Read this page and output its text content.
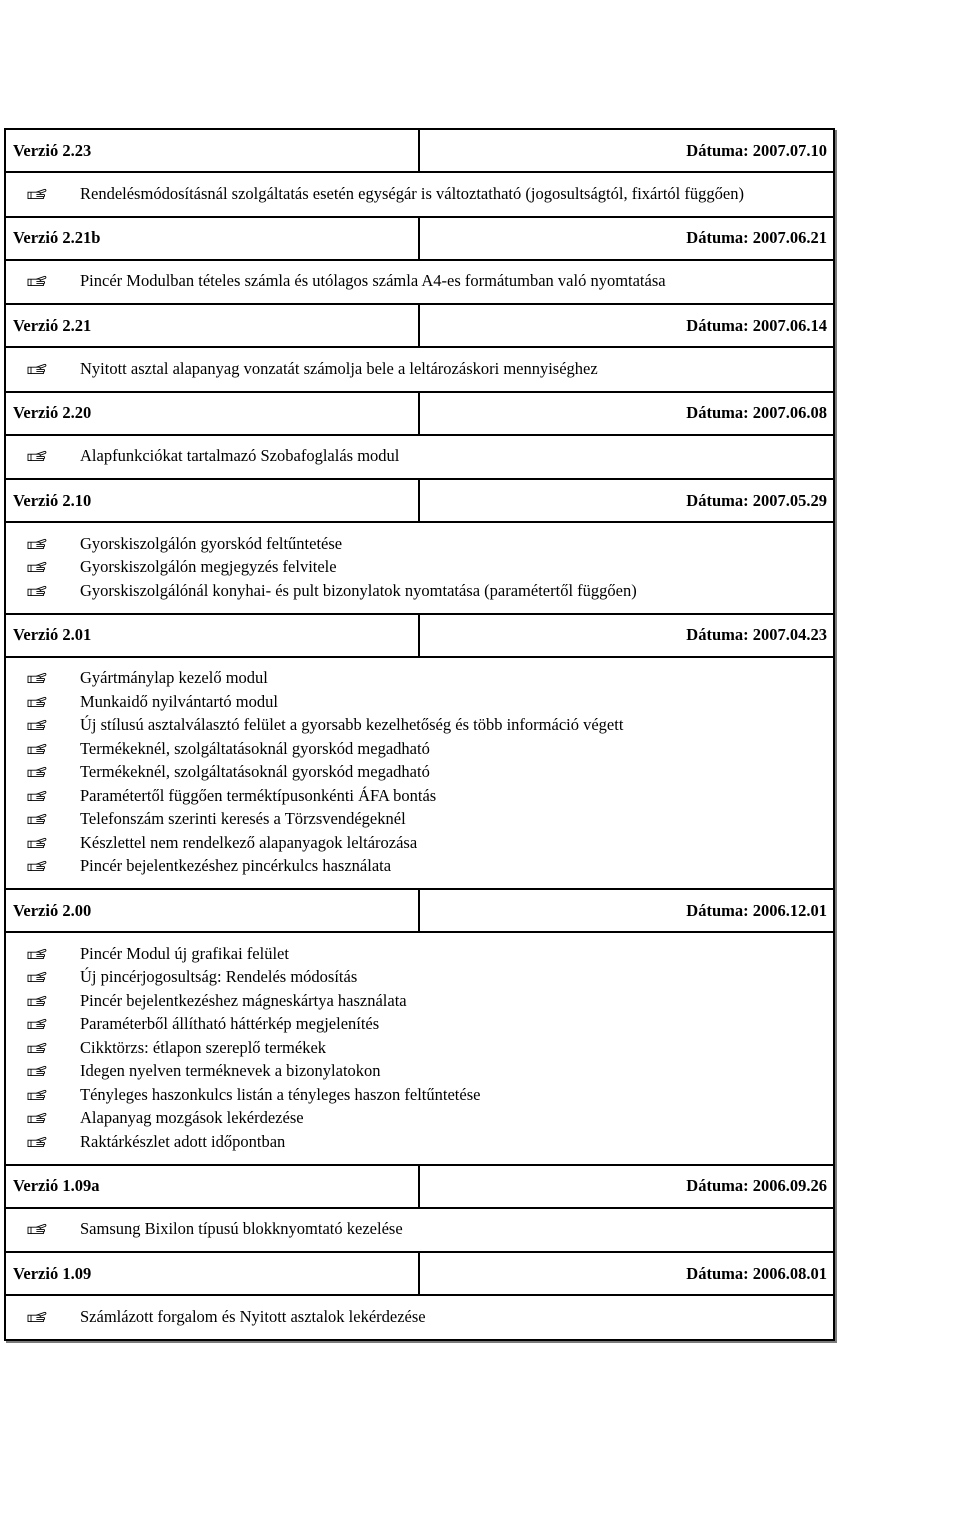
Verzió 2.23	Dátuma: 2007.07.10
Rendelésmódosításnál szolgáltatás esetén egységár is változtatható (jogosultságtól, fixártól függően)
Verzió 2.21b	Dátuma: 2007.06.21
Pincér Modulban tételes számla és utólagos számla A4-es formátumban való nyomtatása
Verzió 2.21	Dátuma: 2007.06.14
Nyitott asztal alapanyag vonzatát számolja bele a leltározáskori mennyiséghez
Verzió 2.20	Dátuma: 2007.06.08
Alapfunkciókat tartalmazó Szobafoglalás modul
Verzió 2.10	Dátuma: 2007.05.29
Gyorskiszolgálón gyorskód feltűntetése
Gyorskiszolgálón megjegyzés felvitele
Gyorskiszolgálónál konyhai- és pult bizonylatok nyomtatása (paramétertől függően)
Verzió 2.01	Dátuma: 2007.04.23
Gyártmánylap kezelő modul
Munkaidő nyilvántartó modul
Új stílusú asztalválasztó felület a gyorsabb kezelhetőség és több információ végett
Termékeknél, szolgáltatásoknál gyorskód megadható
Termékeknél, szolgáltatásoknál gyorskód megadható
Paramétertől függően terméktípusonkénti ÁFA bontás
Telefonszám szerinti keresés a Törzsvendégeknél
Készlettel nem rendelkező alapanyagok leltározása
Pincér bejelentkezéshez pincérkulcs használata
Verzió 2.00	Dátuma: 2006.12.01
Pincér Modul új grafikai felület
Új pincérjogosultság: Rendelés módosítás
Pincér bejelentkezéshez mágneskártya használata
Paraméterből állítható háttérkép megjelenítés
Cikktörzs: étlapon szereplő termékek
Idegen nyelven terméknevek a bizonylatokon
Tényleges haszonkulcs listán a tényleges haszon feltűntetése
Alapanyag mozgások lekérdezése
Raktárkészlet adott időpontban
Verzió 1.09a	Dátuma: 2006.09.26
Samsung Bixilon típusú blokknyomtató kezelése
Verzió 1.09	Dátuma: 2006.08.01
Számlázott forgalom és Nyitott asztalok lekérdezése
